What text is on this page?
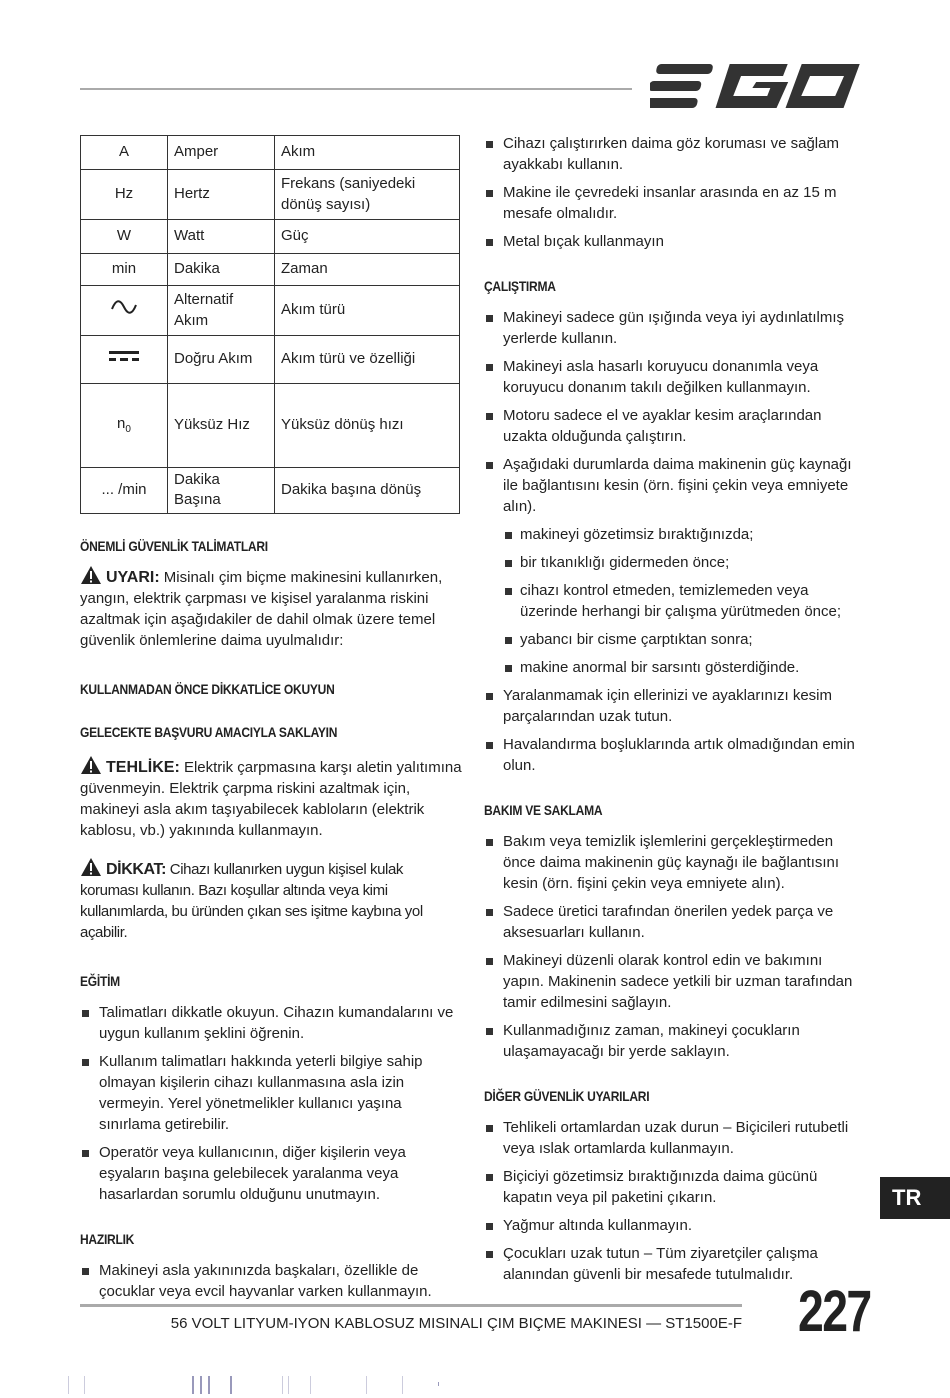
A	Amper	Akım
Hz	Hertz	Frekans (saniyedeki dönüş sayısı)
W	Watt	Güç
min	Dakika	Zaman
	Alternatif Akım	Akım türü
	Doğru Akım	Akım türü ve özelliği
$n_0$	Yüksüz Hız	Yüksüz dönüş hızı
... /min	Dakika Başına	Dakika başına dönüş

ÖNEMLİ GÜVENLİK TALİMATLARI

UYARI: Misinalı çim biçme makinesini kullanırken, yangın, elektrik çarpması ve kişisel yaralanma riskini azaltmak için aşağıdakiler de dahil olmak üzere temel güvenlik önlemlerine daima uyulmalıdır:

KULLANMADAN ÖNCE DİKKATLİCE OKUYUN

GELECEKTE BAŞVURU AMACIYLA SAKLAYIN

TEHLİKE: Elektrik çarpmasına karşı aletin yalıtımına güvenmeyin. Elektrik çarpma riskini azaltmak için, makineyi asla akım taşıyabilecek kabloların (elektrik kablosu, vb.) yakınında kullanmayın.

DİKKAT: Cihazı kullanırken uygun kişisel kulak koruması kullanın. Bazı koşullar altında veya kimi kullanımlarda, bu üründen çıkan ses işitme kaybına yol açabilir.

EĞİTİM

Talimatları dikkatle okuyun. Cihazın kumandalarını ve uygun kullanım şeklini öğrenin.
Kullanım talimatları hakkında yeterli bilgiye sahip olmayan kişilerin cihazı kullanmasına asla izin vermeyin. Yerel yönetmelikler kullanıcı yaşına sınırlama getirebilir.
Operatör veya kullanıcının, diğer kişilerin veya eşyaların başına gelebilecek yaralanma veya hasarlardan sorumlu olduğunu unutmayın.

HAZIRLIK

Makineyi asla yakınınızda başkaları, özellikle de çocuklar veya evcil hayvanlar varken kullanmayın.
Cihazı çalıştırırken daima göz koruması ve sağlam ayakkabı kullanın.
Makine ile çevredeki insanlar arasında en az 15 m mesafe olmalıdır.
Metal bıçak kullanmayın

ÇALIŞTIRMA

Makineyi sadece gün ışığında veya iyi aydınlatılmış yerlerde kullanın.
Makineyi asla hasarlı koruyucu donanımla veya koruyucu donanım takılı değilken kullanmayın.
Motoru sadece el ve ayaklar kesim araçlarından uzakta olduğunda çalıştırın.
Aşağıdaki durumlarda daima makinenin güç kaynağı ile bağlantısını kesin (örn. fişini çekin veya emniyete alın).
makineyi gözetimsiz bıraktığınızda;
bir tıkanıklığı gidermeden önce;
cihazı kontrol etmeden, temizlemeden veya üzerinde herhangi bir çalışma yürütmeden önce;
yabancı bir cisme çarptıktan sonra;
makine anormal bir sarsıntı gösterdiğinde.
Yaralanmamak için ellerinizi ve ayaklarınızı kesim parçalarından uzak tutun.
Havalandırma boşluklarında artık olmadığından emin olun.

BAKIM VE SAKLAMA

Bakım veya temizlik işlemlerini gerçekleştirmeden önce daima makinenin güç kaynağı ile bağlantısını kesin (örn. fişini çekin veya emniyete alın).
Sadece üretici tarafından önerilen yedek parça ve aksesuarları kullanın.
Makineyi düzenli olarak kontrol edin ve bakımını yapın. Makinenin sadece yetkili bir uzman tarafından tamir edilmesini sağlayın.
Kullanmadığınız zaman, makineyi çocukların ulaşamayacağı bir yerde saklayın.

DİĞER GÜVENLİK UYARILARI

Tehlikeli ortamlardan uzak durun – Biçicileri rutubetli veya ıslak ortamlarda kullanmayın.
Biçiciyi gözetimsiz bıraktığınızda daima gücünü kapatın veya pil paketini çıkarın.
Yağmur altında kullanmayın.
Çocukları uzak tutun – Tüm ziyaretçiler çalışma alanından güvenli bir mesafede tutulmalıdır.
TR
56 VOLT LITYUM-IYON KABLOSUZ MISINALI ÇIM BIÇME MAKINESI — ST1500E-F 227
